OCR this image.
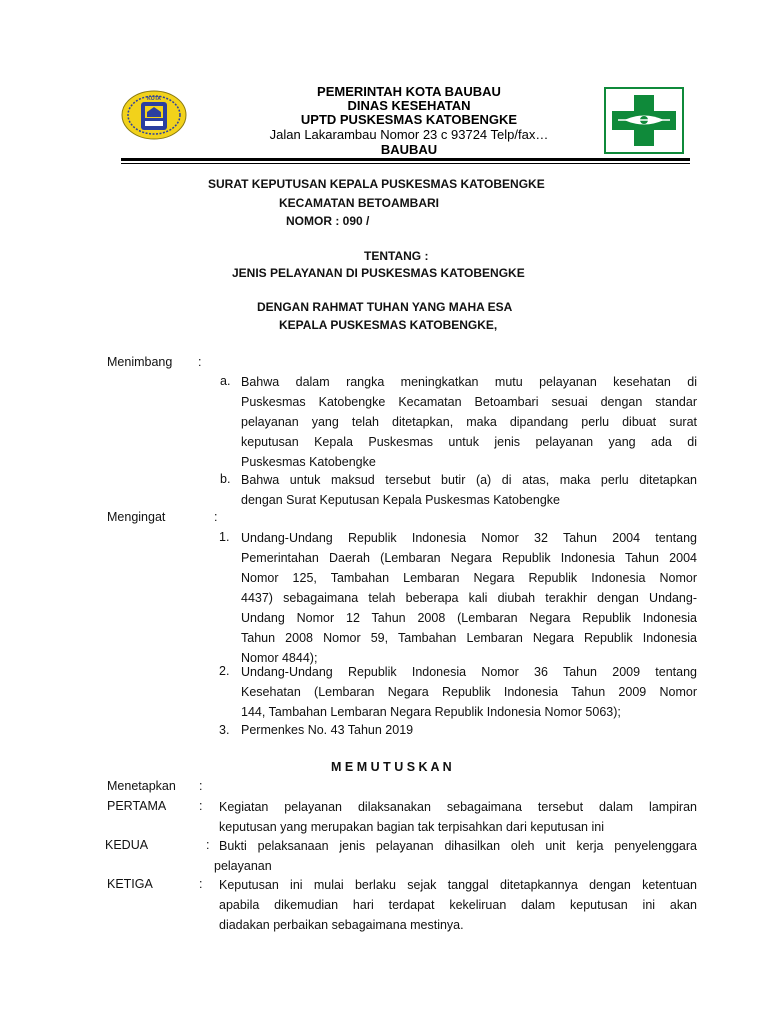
KOTA	PEMERINTAH KOTA BAUBAU
DINAS KESEHATAN
UPTD PUSKESMAS KATOBENGKE
Jalan Lakarambau Nomor 23 c 93724 Telp/fax…
BAUBAU
SURAT KEPUTUSAN KEPALA PUSKESMAS KATOBENGKE
KECAMATAN BETOAMBARI
NOMOR : 090 /
TENTANG :
JENIS PELAYANAN DI PUSKESMAS KATOBENGKE
DENGAN RAHMAT TUHAN YANG MAHA ESA
KEPALA PUSKESMAS KATOBENGKE,
Menimbang :
a. Bahwa dalam rangka meningkatkan mutu pelayanan kesehatan di
Puskesmas Katobengke Kecamatan Betoambari sesuai dengan standar
pelayanan yang telah ditetapkan, maka dipandang perlu dibuat surat
keputusan Kepala Puskesmas untuk jenis pelayanan yang ada di
Puskesmas Katobengke
b. Bahwa untuk maksud tersebut butir (a) di atas, maka perlu ditetapkan
dengan Surat Keputusan Kepala Puskesmas Katobengke
Mengingat	:
1. Undang-Undang Republik Indonesia Nomor 32 Tahun 2004 tentang
Pemerintahan Daerah (Lembaran Negara Republik Indonesia Tahun 2004
Nomor 125, Tambahan Lembaran Negara Republik Indonesia Nomor
4437) sebagaimana telah beberapa kali diubah terakhir dengan Undang-
Undang Nomor 12 Tahun 2008 (Lembaran Negara Republik Indonesia
Tahun 2008 Nomor 59, Tambahan Lembaran Negara Republik Indonesia
Nomor 4844);
2. Undang-Undang Republik Indonesia Nomor 36 Tahun 2009 tentang
Kesehatan (Lembaran Negara Republik Indonesia Tahun 2009 Nomor
144, Tambahan Lembaran Negara Republik Indonesia Nomor 5063);
3. Permenkes No. 43 Tahun 2019
M E M U T U S K A N
Menetapkan :
PERTAMA	: Kegiatan pelayanan dilaksanakan sebagaimana tersebut dalam lampiran
keputusan yang merupakan bagian tak terpisahkan dari keputusan ini
KEDUA	: Bukti pelaksanaan jenis pelayanan dihasilkan oleh unit kerja penyelenggara
pelayanan
KETIGA	: Keputusan ini mulai berlaku sejak tanggal ditetapkannya dengan ketentuan
apabila dikemudian hari terdapat kekeliruan dalam keputusan ini akan
diadakan perbaikan sebagaimana mestinya.
